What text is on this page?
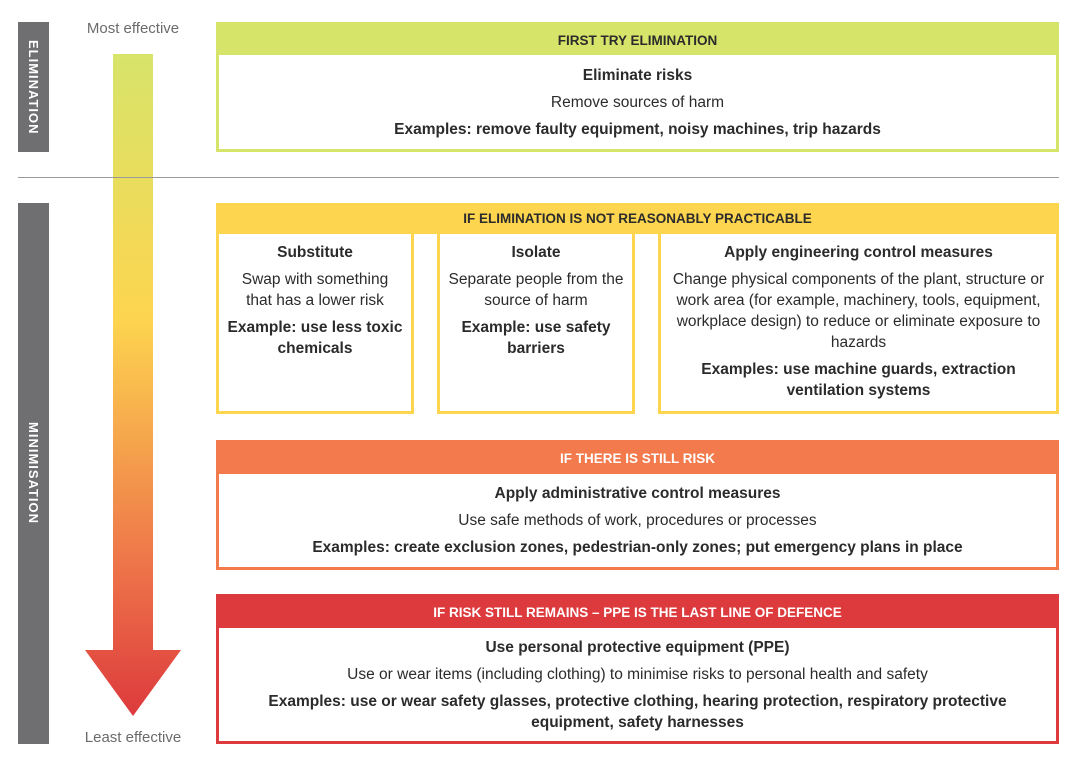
ELIMINATION
MINIMISATION
Most effective
Least effective
FIRST TRY ELIMINATION
Eliminate risks
Remove sources of harm
Examples: remove faulty equipment, noisy machines, trip hazards
IF ELIMINATION IS NOT REASONABLY PRACTICABLE
Substitute
Swap with something that has a lower risk
Example: use less toxic chemicals
Isolate
Separate people from the source of harm
Example: use safety barriers
Apply engineering control measures
Change physical components of the plant, structure or work area (for example, machinery, tools, equipment, workplace design) to reduce or eliminate exposure to hazards
Examples: use machine guards, extraction ventilation systems
IF THERE IS STILL RISK
Apply administrative control measures
Use safe methods of work, procedures or processes
Examples: create exclusion zones, pedestrian-only zones; put emergency plans in place
IF RISK STILL REMAINS – PPE IS THE LAST LINE OF DEFENCE
Use personal protective equipment (PPE)
Use or wear items (including clothing) to minimise risks to personal health and safety
Examples: use or wear safety glasses, protective clothing, hearing protection, respiratory protective equipment, safety harnesses
